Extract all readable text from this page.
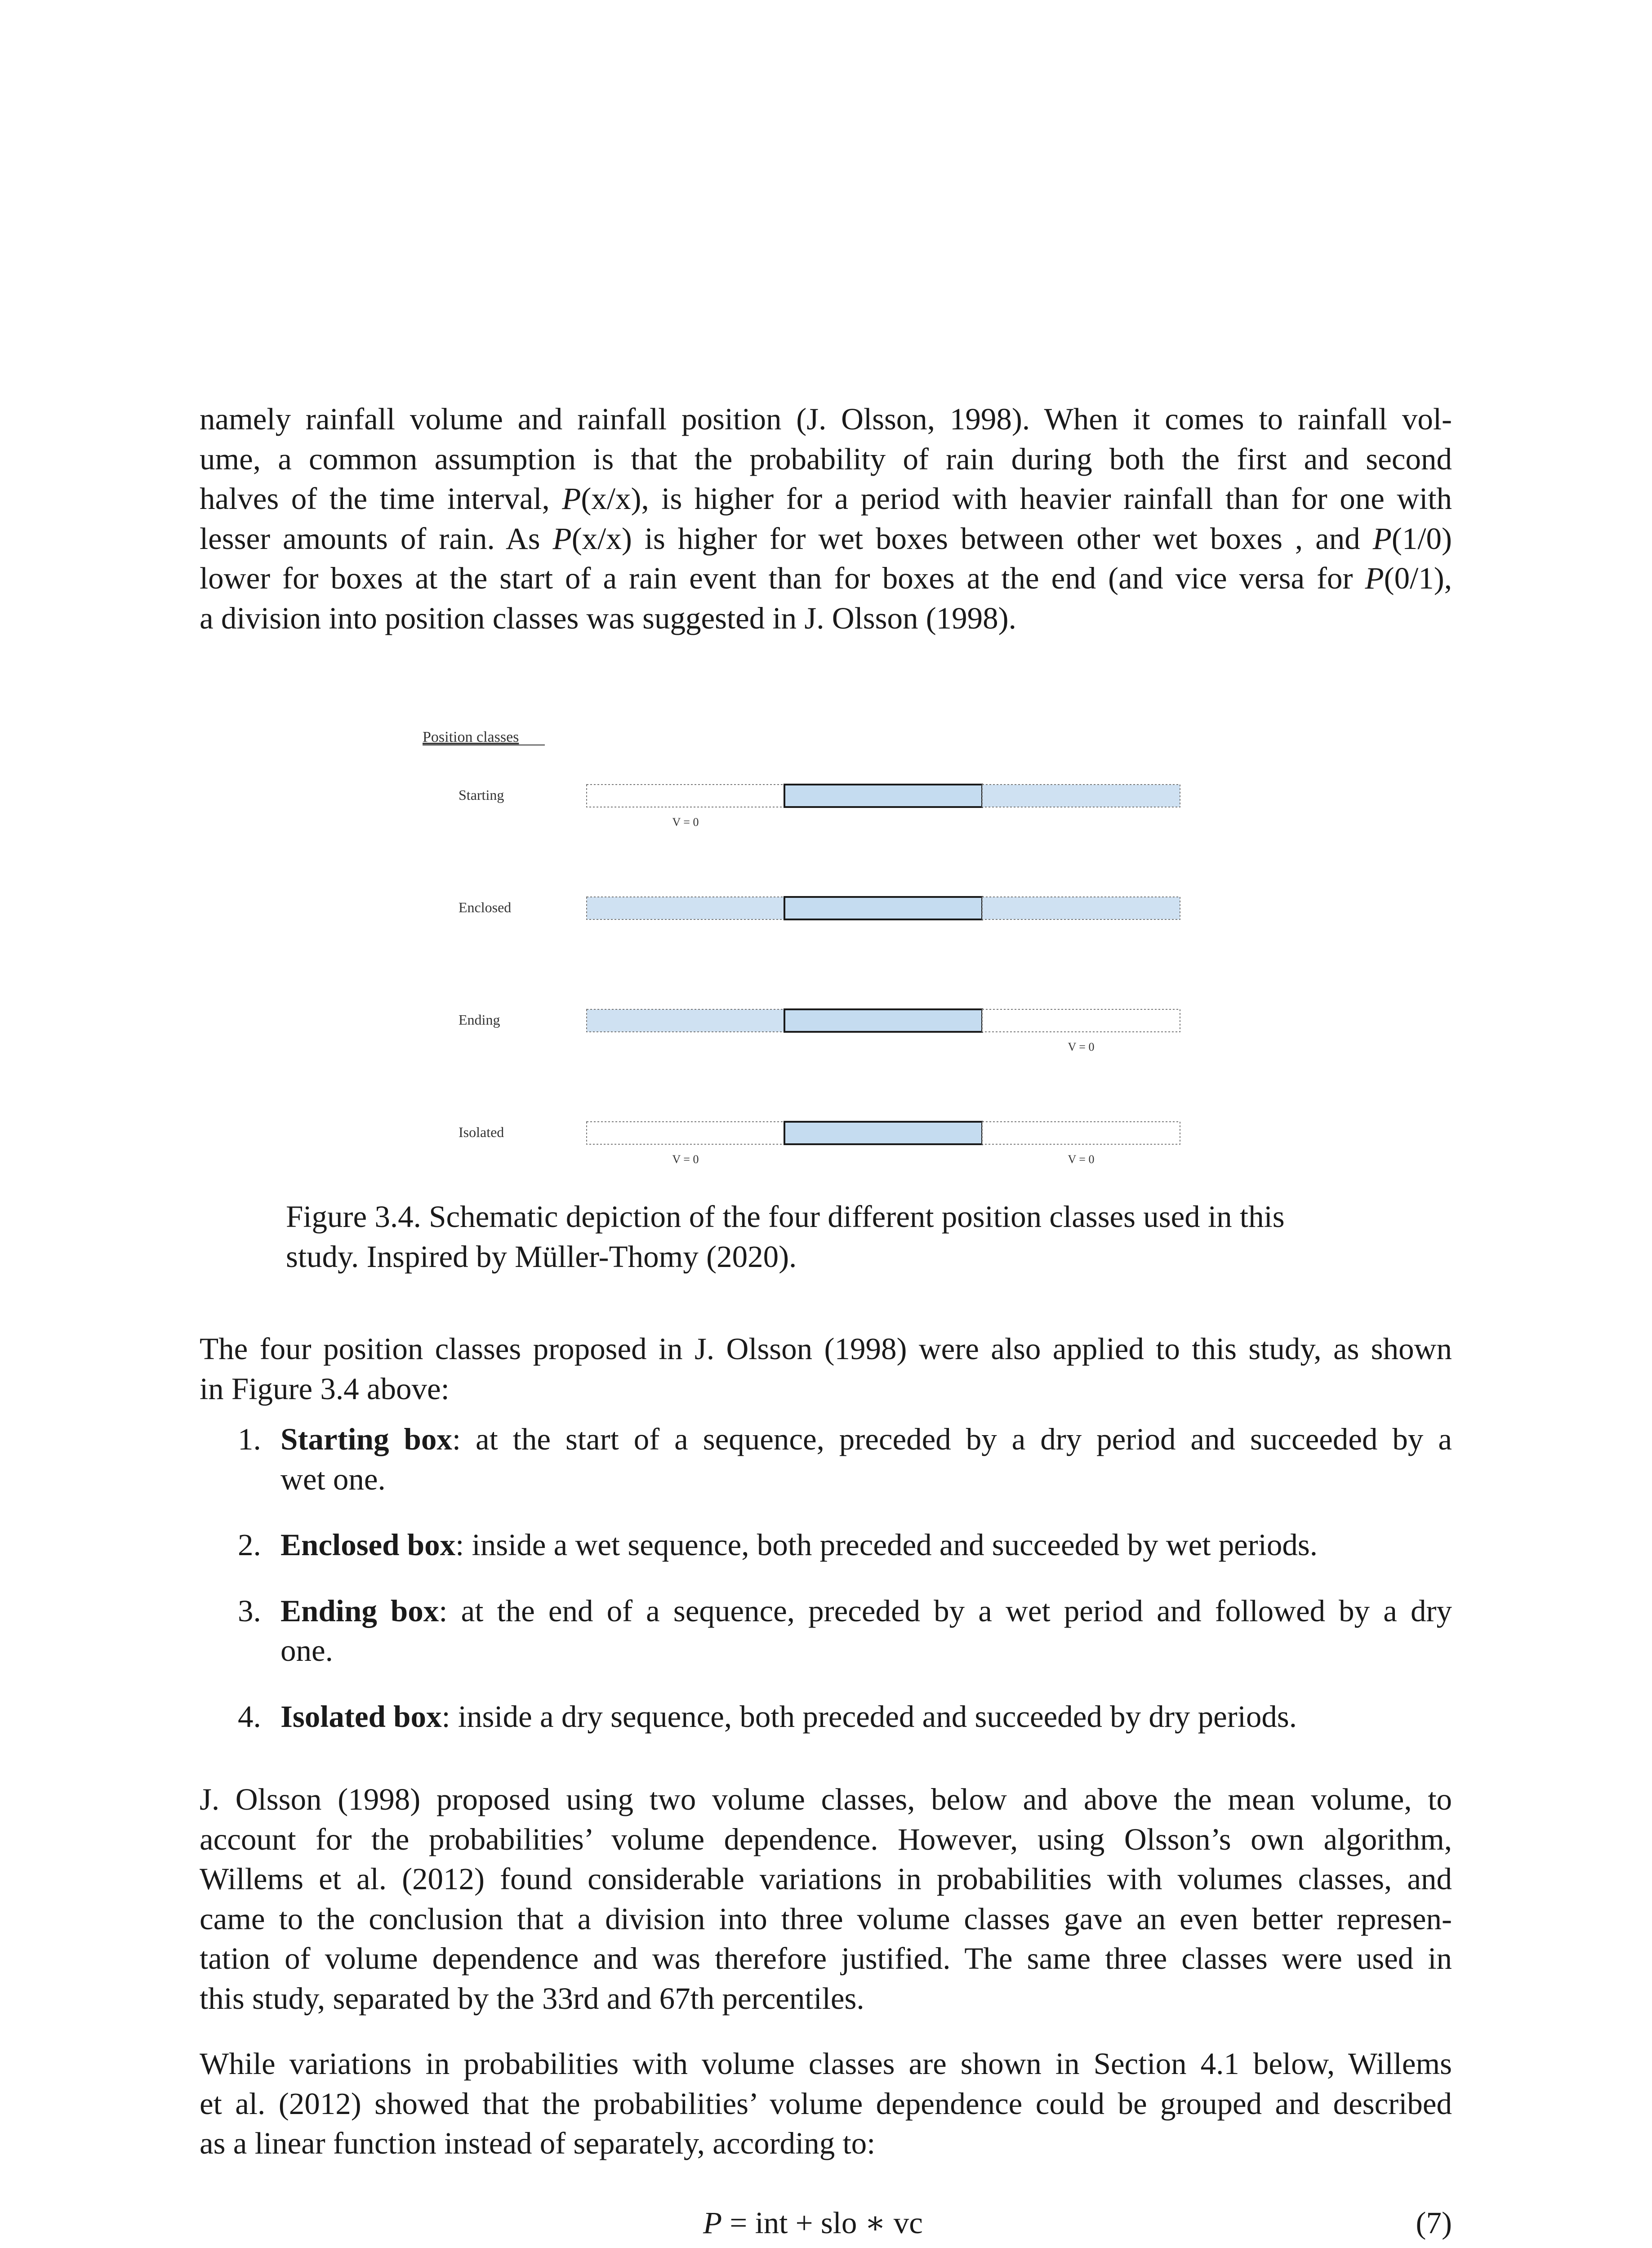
namely rainfall volume and rainfall position (J. Olsson, 1998). When it comes to rainfall vol-
ume, a common assumption is that the probability of rain during both the first and second
halves of the time interval, P(x/x), is higher for a period with heavier rainfall than for one with
lesser amounts of rain. As P(x/x) is higher for wet boxes between other wet boxes , and P(1/0)
lower for boxes at the start of a rain event than for boxes at the end (and vice versa for P(0/1),
a division into position classes was suggested in J. Olsson (1998).

Position classes
Starting
V = 0
Enclosed
Ending
V = 0
Isolated
V = 0	V = 0

Figure 3.4. Schematic depiction of the four different position classes used in this
study. Inspired by Müller-Thomy (2020).

The four position classes proposed in J. Olsson (1998) were also applied to this study, as shown
in Figure 3.4 above:

1. Starting box: at the start of a sequence, preceded by a dry period and succeeded by a
wet one.
2. Enclosed box: inside a wet sequence, both preceded and succeeded by wet periods.
3. Ending box: at the end of a sequence, preceded by a wet period and followed by a dry
one.
4. Isolated box: inside a dry sequence, both preceded and succeeded by dry periods.

J. Olsson (1998) proposed using two volume classes, below and above the mean volume, to
account for the probabilities’ volume dependence. However, using Olsson’s own algorithm,
Willems et al. (2012) found considerable variations in probabilities with volumes classes, and
came to the conclusion that a division into three volume classes gave an even better represen-
tation of volume dependence and was therefore justified. The same three classes were used in
this study, separated by the 33rd and 67th percentiles.

While variations in probabilities with volume classes are shown in Section 4.1 below, Willems
et al. (2012) showed that the probabilities’ volume dependence could be grouped and described
as a linear function instead of separately, according to:

P = int + slo ∗ vc	(7)
